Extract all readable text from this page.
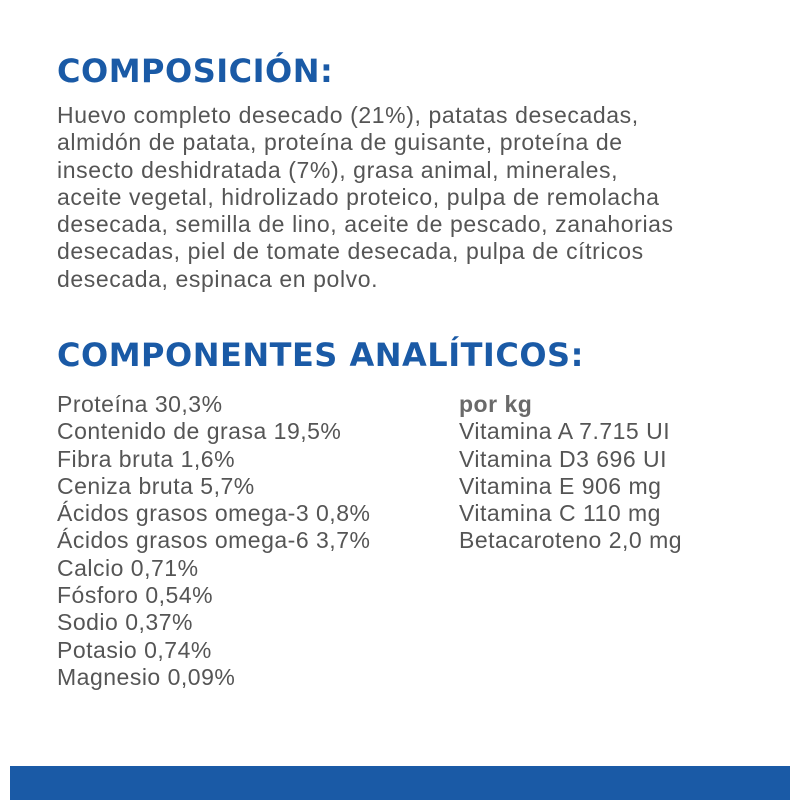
COMPOSICIÓN:

Huevo completo desecado (21%), patatas desecadas,
almidón de patata, proteína de guisante, proteína de
insecto deshidratada (7%), grasa animal, minerales,
aceite vegetal, hidrolizado proteico, pulpa de remolacha
desecada, semilla de lino, aceite de pescado, zanahorias
desecadas, piel de tomate desecada, pulpa de cítricos
desecada, espinaca en polvo.

COMPONENTES ANALÍTICOS:
Proteína 30,3%
Contenido de grasa 19,5%
Fibra bruta 1,6%
Ceniza bruta 5,7%
Ácidos grasos omega-3 0,8%
Ácidos grasos omega-6 3,7%
Calcio 0,71%
Fósforo 0,54%
Sodio 0,37%
Potasio 0,74%
Magnesio 0,09%
por kg
Vitamina A 7.715 UI
Vitamina D3 696 UI
Vitamina E 906 mg
Vitamina C 110 mg
Betacaroteno 2,0 mg
